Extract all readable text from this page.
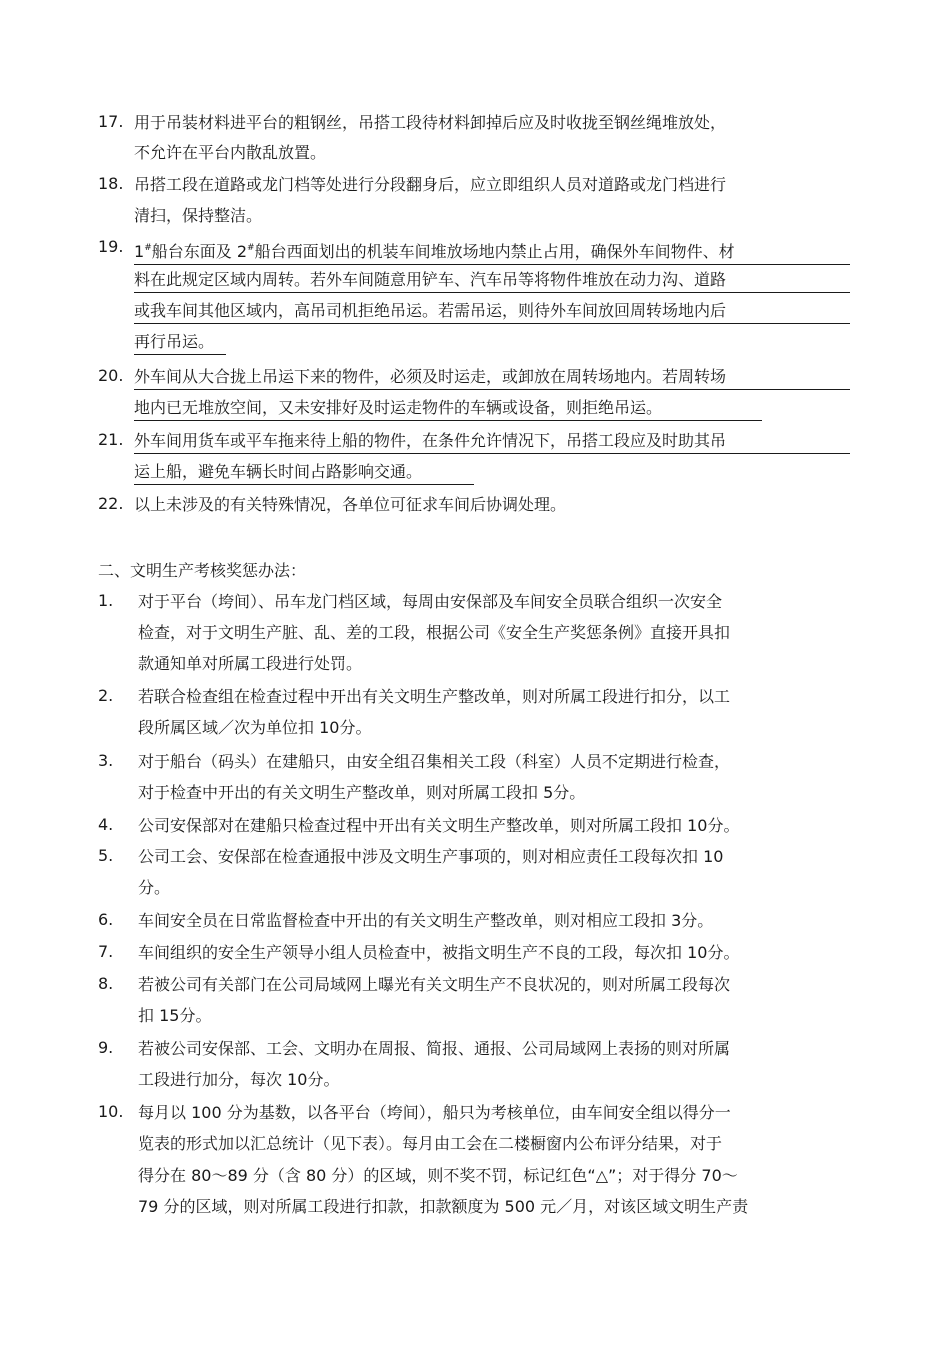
17. 用于吊装材料进平台的粗钢丝，吊搭工段待材料卸掉后应及时收拢至钢丝绳堆放处，
不允许在平台内散乱放置。
18. 吊搭工段在道路或龙门档等处进行分段翻身后，应立即组织人员对道路或龙门档进行
清扫，保持整洁。
19. 1#船台东面及 2#船台西面划出的机装车间堆放场地内禁止占用，确保外车间物件、材
料在此规定区域内周转。若外车间随意用铲车、汽车吊等将物件堆放在动力沟、道路
或我车间其他区域内，高吊司机拒绝吊运。若需吊运，则待外车间放回周转场地内后
再行吊运。
20. 外车间从大合拢上吊运下来的物件，必须及时运走，或卸放在周转场地内。若周转场
地内已无堆放空间，又未安排好及时运走物件的车辆或设备，则拒绝吊运。
21. 外车间用货车或平车拖来待上船的物件，在条件允许情况下，吊搭工段应及时助其吊
运上船，避免车辆长时间占路影响交通。
22. 以上未涉及的有关特殊情况，各单位可征求车间后协调处理。
二、文明生产考核奖惩办法：
1.	对于平台（垮间）、吊车龙门档区域，每周由安保部及车间安全员联合组织一次安全
检查，对于文明生产脏、乱、差的工段，根据公司《安全生产奖惩条例》直接开具扣
款通知单对所属工段进行处罚。
2.	若联合检查组在检查过程中开出有关文明生产整改单，则对所属工段进行扣分，以工
段所属区域／次为单位扣 10分。
3.	对于船台（码头）在建船只，由安全组召集相关工段（科室）人员不定期进行检查，
对于检查中开出的有关文明生产整改单，则对所属工段扣 5分。
4.	公司安保部对在建船只检查过程中开出有关文明生产整改单，则对所属工段扣 10分。
5.	公司工会、安保部在检查通报中涉及文明生产事项的，则对相应责任工段每次扣 10
分。
6.	车间安全员在日常监督检查中开出的有关文明生产整改单，则对相应工段扣 3分。
7.	车间组织的安全生产领导小组人员检查中，被指文明生产不良的工段，每次扣 10分。
8.	若被公司有关部门在公司局域网上曝光有关文明生产不良状况的，则对所属工段每次
扣 15分。
9.	若被公司安保部、工会、文明办在周报、简报、通报、公司局域网上表扬的则对所属
工段进行加分，每次 10分。
10. 每月以 100 分为基数，以各平台（垮间），船只为考核单位，由车间安全组以得分一
览表的形式加以汇总统计（见下表）。每月由工会在二楼橱窗内公布评分结果，对于
得分在 80～89 分（含 80 分）的区域，则不奖不罚，标记红色“△”；对于得分 70～
79 分的区域，则对所属工段进行扣款，扣款额度为 500 元／月，对该区域文明生产责
